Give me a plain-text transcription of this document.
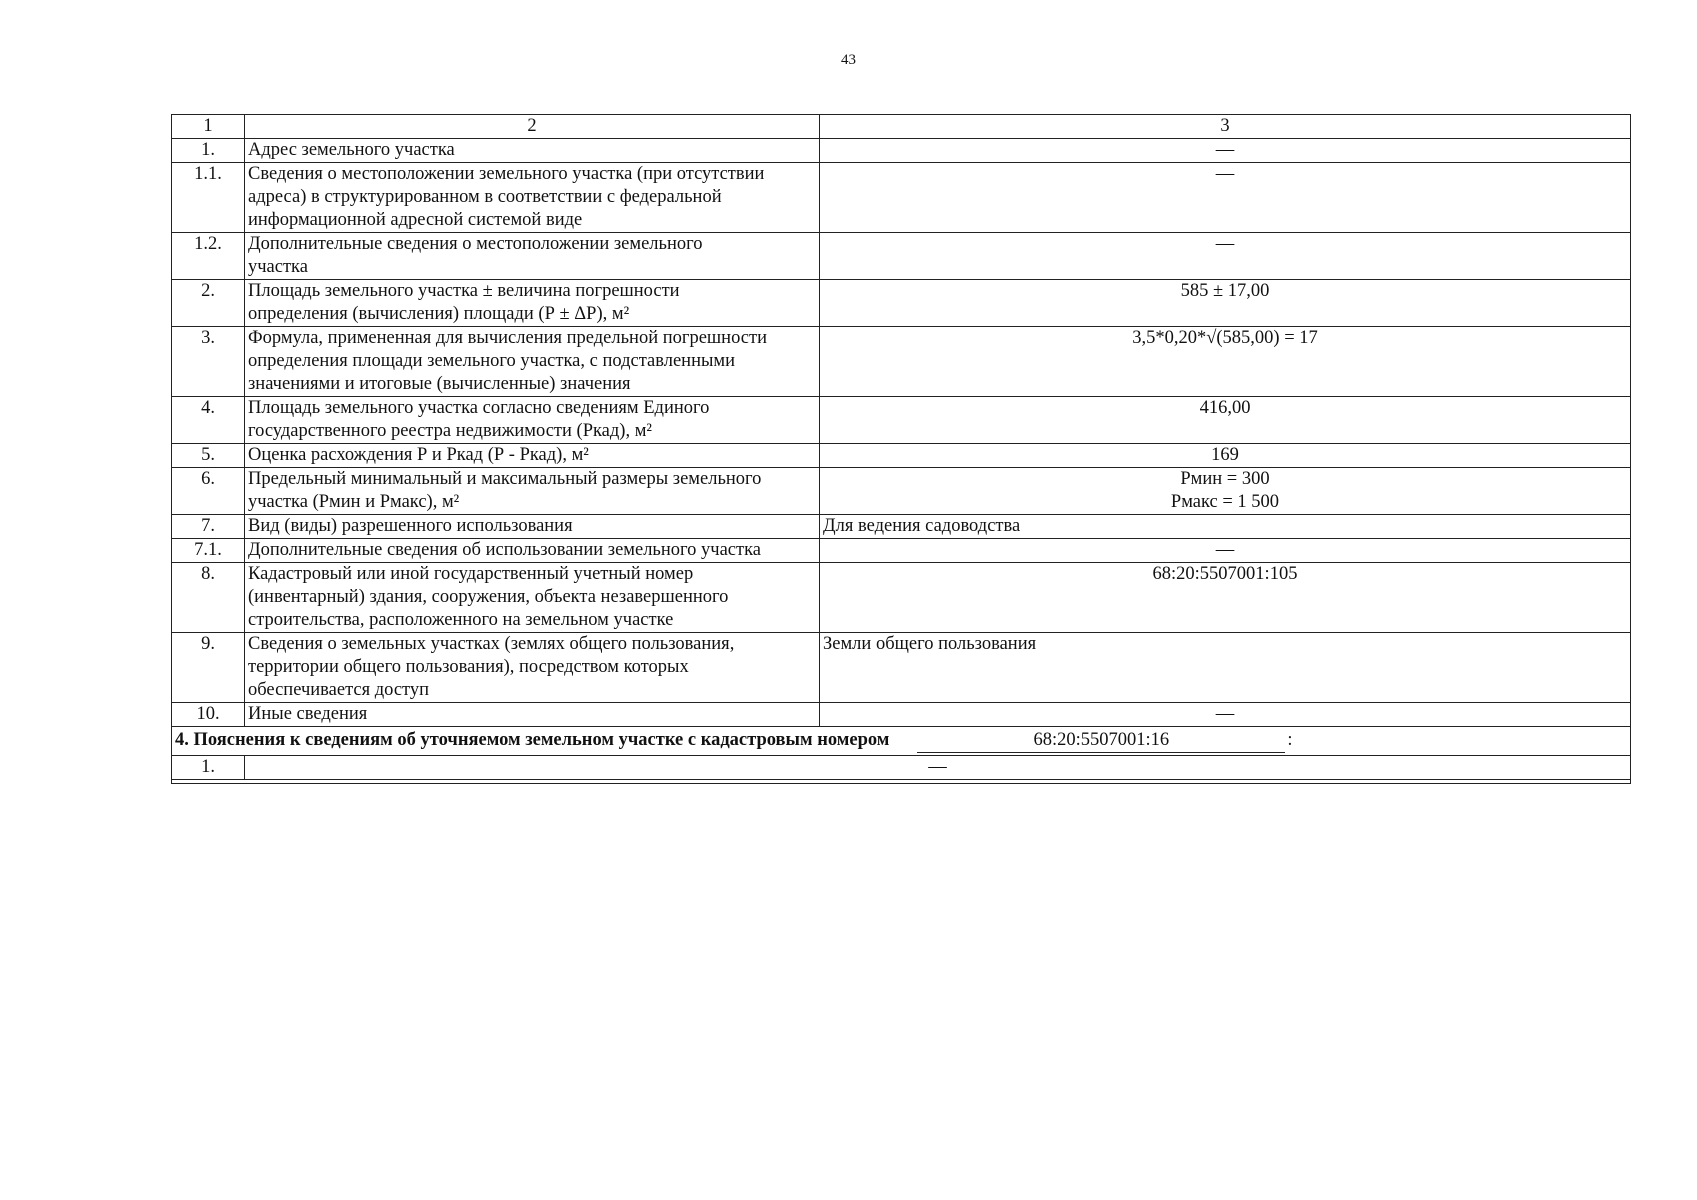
43
1	2	3
1.	Адрес земельного участка	—
1.1.	Сведения о местоположении земельного участка (при отсутствии
адреса) в структурированном в соответствии с федеральной
информационной адресной системой виде	—
1.2.	Дополнительные сведения о местоположении земельного
участка	—
2.	Площадь земельного участка ± величина погрешности
определения (вычисления) площади (Р ± ΔР), м²	585 ± 17,00
3.	Формула, примененная для вычисления предельной погрешности
определения площади земельного участка, с подставленными
значениями и итоговые (вычисленные) значения	3,5*0,20*√(585,00) = 17
4.	Площадь земельного участка согласно сведениям Единого
государственного реестра недвижимости (Ркад), м²	416,00
5.	Оценка расхождения Р и Ркад (Р - Ркад), м²	169
6.	Предельный минимальный и максимальный размеры земельного
участка (Рмин и Рмакс), м²	Рмин = 300
Рмакс = 1 500

7.	Вид (виды) разрешенного использования	Для ведения садоводства
7.1.	Дополнительные сведения об использовании земельного участка	—
8.	Кадастровый или иной государственный учетный номер
(инвентарный) здания, сооружения, объекта незавершенного
строительства, расположенного на земельном участке	68:20:5507001:105
9.	Сведения о земельных участках (землях общего пользования,
территории общего пользования), посредством которых
обеспечивается доступ	Земли общего пользования
10.	Иные сведения	—
4. Пояснения к сведениям об уточняемом земельном участке с кадастровым номером 68:20:5507001:16 :		
1.	—	
